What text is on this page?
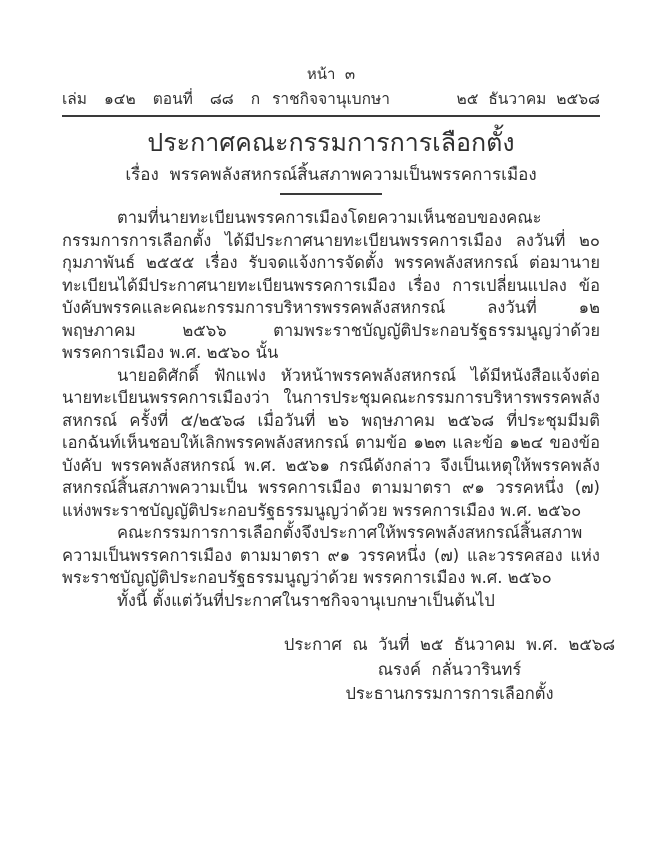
หน้า  ๓
เล่ม ๑๔๒ ตอนที่ ๘๘ ก ราชกิจจานุเบกษา	๒๕  ธันวาคม  ๒๕๖๘
ประกาศคณะกรรมการการเลือกตั้ง
เรื่อง  พรรคพลังสหกรณ์สิ้นสภาพความเป็นพรรคการเมือง

ตามที่นายทะเบียนพรรคการเมืองโดยความเห็นชอบของคณะกรรมการการเลือกตั้ง ได้มีประกาศนายทะเบียนพรรคการเมือง ลงวันที่ ๒๐ กุมภาพันธ์ ๒๕๕๕ เรื่อง รับจดแจ้งการจัดตั้ง พรรคพลังสหกรณ์ ต่อมานายทะเบียนได้มีประกาศนายทะเบียนพรรคการเมือง เรื่อง การเปลี่ยนแปลง ข้อบังคับพรรคและคณะกรรมการบริหารพรรคพลังสหกรณ์ ลงวันที่ ๑๒ พฤษภาคม ๒๕๖๖ ตามพระราชบัญญัติประกอบรัฐธรรมนูญว่าด้วยพรรคการเมือง พ.ศ. ๒๕๖๐ นั้น

นายอดิศักดิ์ ฟักแฟง หัวหน้าพรรคพลังสหกรณ์ ได้มีหนังสือแจ้งต่อนายทะเบียนพรรคการเมืองว่า ในการประชุมคณะกรรมการบริหารพรรคพลังสหกรณ์ ครั้งที่ ๕/๒๕๖๘ เมื่อวันที่ ๒๖ พฤษภาคม ๒๕๖๘ ที่ประชุมมีมติเอกฉันท์เห็นชอบให้เลิกพรรคพลังสหกรณ์ ตามข้อ ๑๒๓ และข้อ ๑๒๔ ของข้อบังคับ พรรคพลังสหกรณ์ พ.ศ. ๒๕๖๑ กรณีดังกล่าว จึงเป็นเหตุให้พรรคพลังสหกรณ์สิ้นสภาพความเป็น พรรคการเมือง ตามมาตรา ๙๑ วรรคหนึ่ง (๗) แห่งพระราชบัญญัติประกอบรัฐธรรมนูญว่าด้วย พรรคการเมือง พ.ศ. ๒๕๖๐

คณะกรรมการการเลือกตั้งจึงประกาศให้พรรคพลังสหกรณ์สิ้นสภาพความเป็นพรรคการเมือง ตามมาตรา ๙๑ วรรคหนึ่ง (๗) และวรรคสอง แห่งพระราชบัญญัติประกอบรัฐธรรมนูญว่าด้วย พรรคการเมือง พ.ศ. ๒๕๖๐

ทั้งนี้ ตั้งแต่วันที่ประกาศในราชกิจจานุเบกษาเป็นต้นไป

ประกาศ  ณ  วันที่  ๒๕  ธันวาคม  พ.ศ.  ๒๕๖๘
ณรงค์  กลั่นวารินทร์
ประธานกรรมการการเลือกตั้ง
